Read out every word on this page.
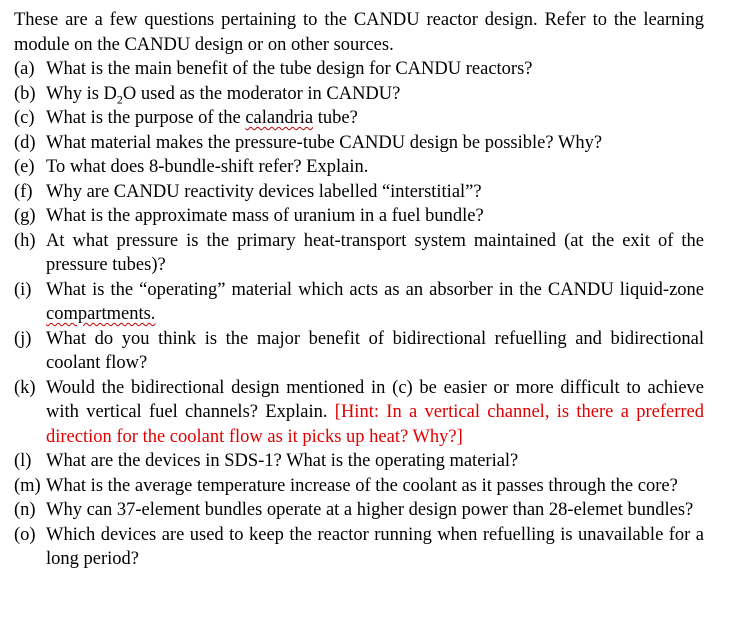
These are a few questions pertaining to the CANDU reactor design. Refer to the learning module on the CANDU design or on other sources.
(a) What is the main benefit of the tube design for CANDU reactors?
(b) Why is $D_2O$ used as the moderator in CANDU?
(c) What is the purpose of the calandria tube?
(d) What material makes the pressure-tube CANDU design be possible? Why?
(e) To what does 8-bundle-shift refer? Explain.
(f) Why are CANDU reactivity devices labelled “interstitial”?
(g) What is the approximate mass of uranium in a fuel bundle?
(h) At what pressure is the primary heat-transport system maintained (at the exit of the pressure tubes)?
(i) What is the “operating” material which acts as an absorber in the CANDU liquid-zone compartments.
(j) What do you think is the major benefit of bidirectional refuelling and bidirectional coolant flow?
(k) Would the bidirectional design mentioned in (c) be easier or more difficult to achieve with vertical fuel channels? Explain. [Hint: In a vertical channel, is there a preferred direction for the coolant flow as it picks up heat? Why?]
(l) What are the devices in SDS-1? What is the operating material?
(m) What is the average temperature increase of the coolant as it passes through the core?
(n) Why can 37-element bundles operate at a higher design power than 28-elemet bundles?
(o) Which devices are used to keep the reactor running when refuelling is unavailable for a long period?
